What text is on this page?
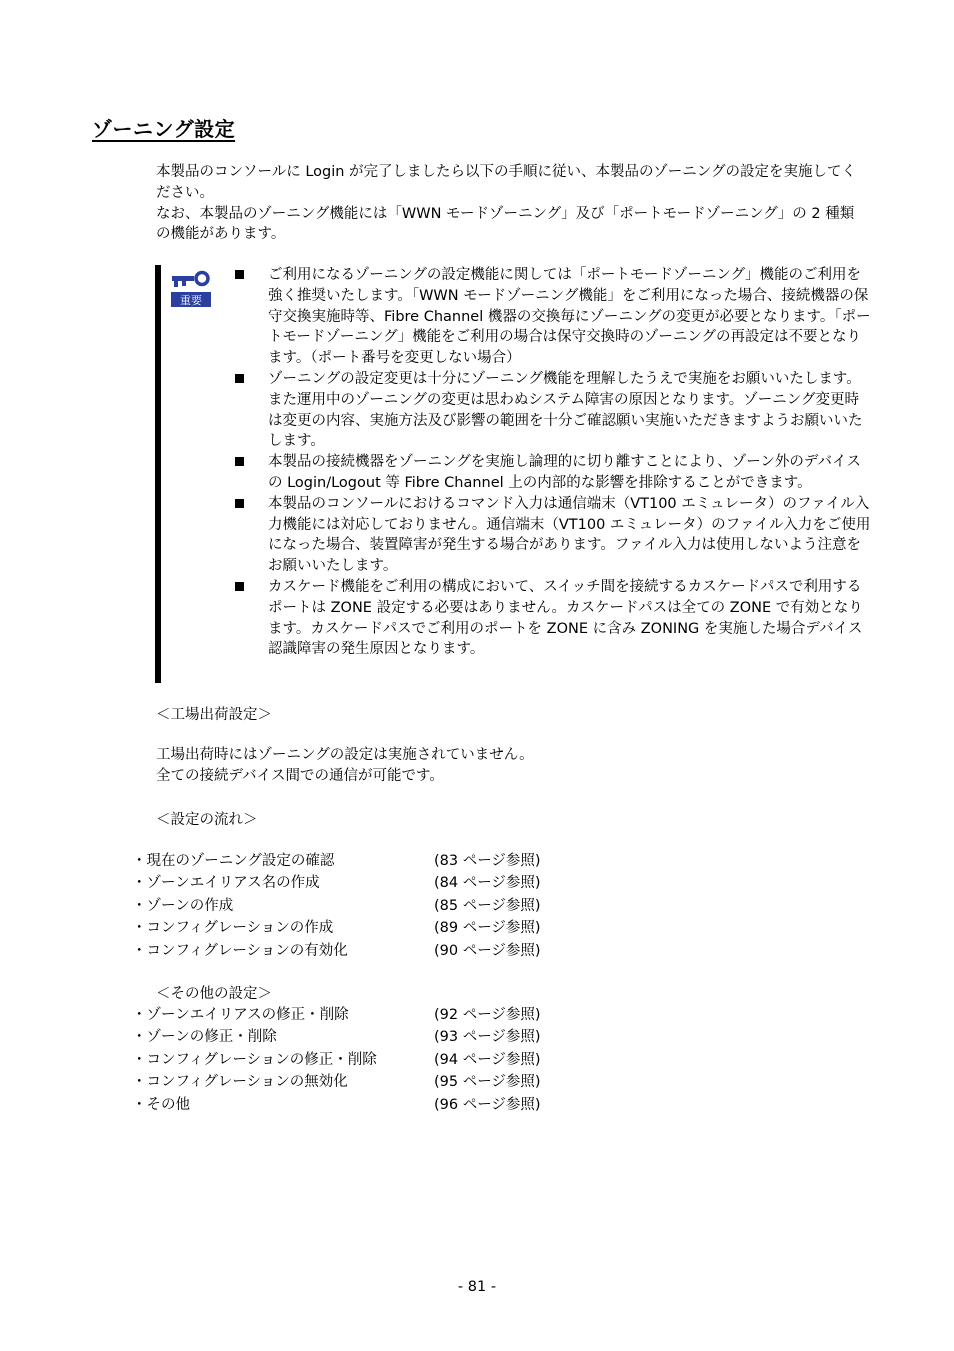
ゾーニング設定

本製品のコンソールに Login が完了しましたら以下の手順に従い、本製品のゾーニングの設定を実施してください。

なお、本製品のゾーニング機能には「WWN モードゾーニング」及び「ポートモードゾーニング」の 2 種類の機能があります。

重要
ご利用になるゾーニングの設定機能に関しては「ポートモードゾーニング」機能のご利用を強く推奨いたします。「WWN モードゾーニング機能」をご利用になった場合、接続機器の保守交換実施時等、Fibre Channel 機器の交換毎にゾーニングの変更が必要となります。「ポートモードゾーニング」機能をご利用の場合は保守交換時のゾーニングの再設定は不要となります。（ポート番号を変更しない場合）
ゾーニングの設定変更は十分にゾーニング機能を理解したうえで実施をお願いいたします。また運用中のゾーニングの変更は思わぬシステム障害の原因となります。ゾーニング変更時は変更の内容、実施方法及び影響の範囲を十分ご確認願い実施いただきますようお願いいたします。
本製品の接続機器をゾーニングを実施し論理的に切り離すことにより、ゾーン外のデバイスの Login/Logout 等 Fibre Channel 上の内部的な影響を排除することができます。
本製品のコンソールにおけるコマンド入力は通信端末（VT100 エミュレータ）のファイル入力機能には対応しておりません。通信端末（VT100 エミュレータ）のファイル入力をご使用になった場合、装置障害が発生する場合があります。ファイル入力は使用しないよう注意をお願いいたします。
カスケード機能をご利用の構成において、スイッチ間を接続するカスケードパスで利用するポートは ZONE 設定する必要はありません。カスケードパスは全ての ZONE で有効となります。カスケードパスでご利用のポートを ZONE に含み ZONING を実施した場合デバイス認識障害の発生原因となります。
＜工場出荷設定＞

工場出荷時にはゾーニングの設定は実施されていません。

全ての接続デバイス間での通信が可能です。

＜設定の流れ＞
・現在のゾーニング設定の確認	(83 ページ参照)
・ゾーンエイリアス名の作成	(84 ページ参照)
・ゾーンの作成	(85 ページ参照)
・コンフィグレーションの作成	(89 ページ参照)
・コンフィグレーションの有効化	(90 ページ参照)
＜その他の設定＞
・ゾーンエイリアスの修正・削除	(92 ページ参照)
・ゾーンの修正・削除	(93 ページ参照)
・コンフィグレーションの修正・削除	(94 ページ参照)
・コンフィグレーションの無効化	(95 ページ参照)
・その他	(96 ページ参照)
- 81 -
